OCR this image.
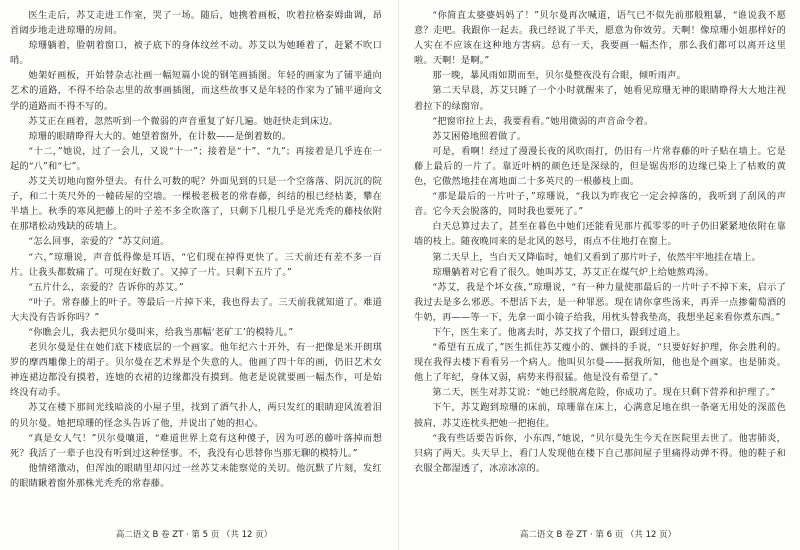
医生走后，苏艾走进工作室，哭了一场。随后，她携着画板，吹着拉格泰姆曲调，昂首阔步地走进琼珊的房间。

琼珊躺着，脸朝着窗口，被子底下的身体纹丝不动。苏艾以为她睡着了，赶紧不吹口哨。

她架好画板，开始替杂志社画一幅短篇小说的钢笔画插图。年轻的画家为了铺平通向艺术的道路，不得不给杂志里的故事画插图，而这些故事又是年轻的作家为了铺平通向文学的道路而不得不写的。

苏艾正在画着，忽然听到一个微弱的声音重复了好几遍。她赶快走到床边。

琼珊的眼睛睁得大大的。她望着窗外，在计数——是倒着数的。

“十二，”她说，过了一会儿，又说“十一”；接着是“十”、“九”；再接着是几乎连在一起的“八”和“七”。

苏艾关切地向窗外望去。有什么可数的呢？外面见到的只是一个空落落、阴沉沉的院子，和二十英尺外的一幢砖屋的空墙。一棵极老极老的常春藤，纠结的根已经枯萎，攀在半墙上。秋季的寒风把藤上的叶子差不多全吹落了，只剩下几根几乎是光秃秃的藤枝依附在那堵松动残缺的砖墙上。

“怎么回事，亲爱的？”苏艾问道。

“六，”琼珊说，声音低得像是耳语，“它们现在掉得更快了。三天前还有差不多一百片。让我头都数痛了。可现在好数了。又掉了一片。只剩下五片了。”

“五片什么，亲爱的？告诉你的苏艾。”

“叶子。常春藤上的叶子。等最后一片掉下来，我也得去了。三天前我就知道了。难道大夫没有告诉你吗？”

“你瞧会儿，我去把贝尔曼叫来，给我当那幅‘老矿工’的模特儿。”

老贝尔曼是住在她们底下楼底层的一个画家。他年纪六十开外，有一把像是米开朗琪罗的摩西雕像上的胡子。贝尔曼在艺术界是个失意的人。他画了四十年的画，仍旧艺术女神连裙边都没有摸着，连她的衣裙的边缘都没有摸到。他老是说就要画一幅杰作，可是始终没有动手。

苏艾在楼下那间光线暗淡的小屋子里，找到了酒气扑人，两只发红的眼睛迎风流着泪的贝尔曼。她把琼珊的怪念头告诉了他，并说出了她的担心。

“真是女人气！”贝尔曼嚷道，“难道世界上竟有这种傻子，因为可恶的藤叶落掉而想死？我活了一辈子也没有听到过这种怪事。不，我没有心思替你当那无聊的模特儿。”

他情绪激动，但浑浊的眼睛里却闪过一丝苏艾未能察觉的关切。他沉默了片刻，发红的眼睛瞅着窗外那株光秃秃的常春藤。

高二语文 B 卷 ZT · 第 5 页 （共 12 页）

“你简直太婆婆妈妈了！”贝尔曼再次喊道，语气已不似先前那般粗暴，“谁说我不愿意？走吧。我跟你一起去。我已经说了半天，愿意为你效劳。天啊！像琼珊小姐那样好的人实在不应该在这种地方害病。总有一天，我要画一幅杰作，那么我们都可以离开这里啦。天啊！是啊。”

那一晚，暴风雨如期而至，贝尔曼整夜没有合眼，倾听雨声。

第二天早晨，苏艾只睡了一个小时就醒来了，她看见琼珊无神的眼睛睁得大大地注视着拉下的绿窗帘。

“把窗帘拉上去，我要看看。”她用微弱的声音命令着。

苏艾困倦地照着做了。

可是，看啊！经过了漫漫长夜的风吹雨打，仍旧有一片常春藤的叶子贴在墙上。它是藤上最后的一片了。靠近叶柄的颜色还是深绿的，但是锯齿形的边缘已染上了枯败的黄色，它傲然地挂在离地面二十多英尺的一根藤枝上面。

“那是最后的一片叶子，”琼珊说，“我以为昨夜它一定会掉落的，我听到了刮风的声音。它今天会脱落的，同时我也要死了。”

白天总算过去了，甚至在暮色中她们还能看见那片孤零零的叶子仍旧紧紧地依附在靠墙的枝上。随夜晚同来的是北风的怒号，雨点不住地打在窗上。

第二天早上，当白天又降临时，她们又看到了那片叶子，依然牢牢地挂在墙上。

琼珊躺着对它看了很久。她叫苏艾，苏艾正在煤气炉上给她熬鸡汤。

“苏艾，我是个坏女孩，”琼珊说，“有一种力量使那最后的一片叶子不掉下来，启示了我过去是多么邪恶。不想活下去，是一种罪恶。现在请你拿些汤来，再弄一点掺葡萄酒的牛奶，再——等一下，先拿一面小镜子给我，用枕头替我垫高，我想坐起来看你煮东西。”

下午，医生来了。他离去时，苏艾找了个借口，跟到过道上。

“希望有五成了，”医生抓住苏艾瘦小的、颤抖的手说，“只要好好护理，你会胜利的。现在我得去楼下看看另一个病人。他叫贝尔曼——据我所知，他也是个画家。也是肺炎。他上了年纪，身体又弱，病势来得很猛。他是没有希望了。”

第二天，医生对苏艾说：“她已经脱离危险，你成功了。现在只剩下营养和护理了。”

下午，苏艾跑到琼珊的床前，琼珊靠在床上，心满意足地在织一条毫无用处的深蓝色披肩，苏艾连枕头把她一把抱住。

“我有些话要告诉你，小东西，”她说，“贝尔曼先生今天在医院里去世了。他害肺炎，只病了两天。头天早上，看门人发现他在楼下自己那间屋子里痛得动弹不得。他的鞋子和衣服全都湿透了，冰凉冰凉的。

高二语文 B 卷 ZT · 第 6 页 （共 12 页）
